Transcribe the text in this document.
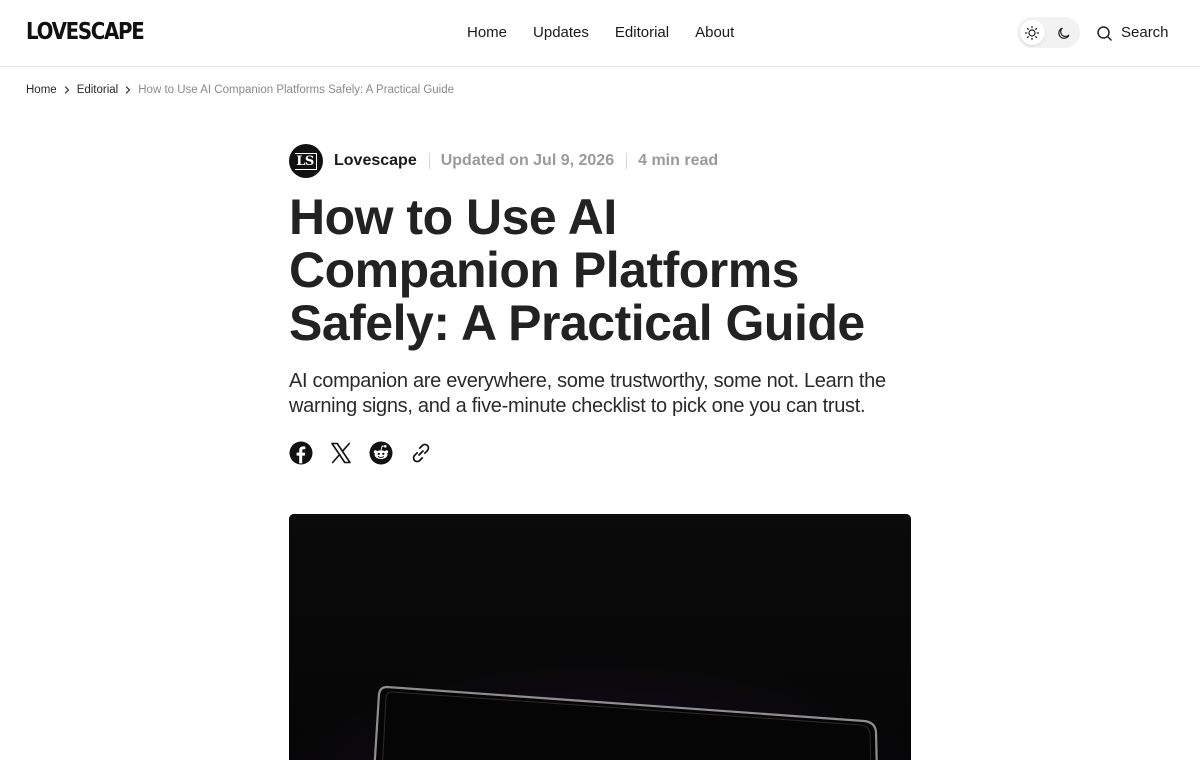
LOVESCAPE	Home Updates Editorial About	Search
Home Editorial How to Use AI Companion Platforms Safely: A Practical Guide
LS Lovescape Updated on Jul 9, 2026 4 min read
How to Use AI Companion Platforms Safely: A Practical Guide

AI companion are everywhere, some trustworthy, some not. Learn the warning signs, and a five-minute checklist to pick one you can trust.
